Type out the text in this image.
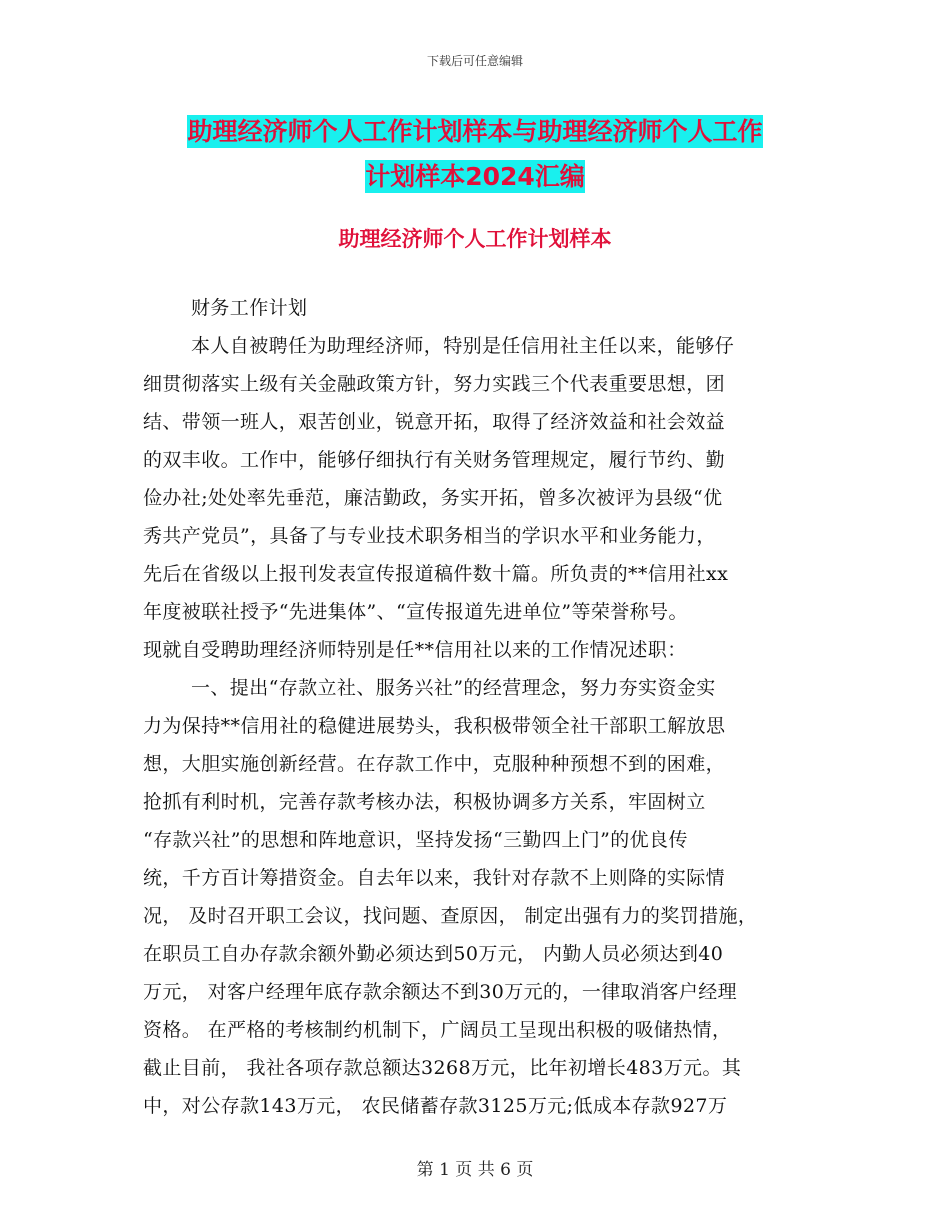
下载后可任意编辑
助理经济师个人工作计划样本与助理经济师个人工作
计划样本2024汇编
助理经济师个人工作计划样本
财务工作计划
本人自被聘任为助理经济师，特别是任信用社主任以来，能够仔
细贯彻落实上级有关金融政策方针，努力实践三个代表重要思想，团
结、带领一班人，艰苦创业，锐意开拓，取得了经济效益和社会效益
的双丰收。工作中，能够仔细执行有关财务管理规定，履行节约、勤
俭办社;处处率先垂范，廉洁勤政，务实开拓，曾多次被评为县级“优
秀共产党员”，具备了与专业技术职务相当的学识水平和业务能力，
先后在省级以上报刊发表宣传报道稿件数十篇。所负责的**信用社xx
年度被联社授予“先进集体”、“宣传报道先进单位”等荣誉称号。
现就自受聘助理经济师特别是任**信用社以来的工作情况述职：
一、提出“存款立社、服务兴社”的经营理念，努力夯实资金实
力为保持**信用社的稳健进展势头，我积极带领全社干部职工解放思
想，大胆实施创新经营。在存款工作中，克服种种预想不到的困难，
抢抓有利时机，完善存款考核办法，积极协调多方关系，牢固树立
“存款兴社”的思想和阵地意识，坚持发扬“三勤四上门”的优良传
统，千方百计筹措资金。自去年以来，我针对存款不上则降的实际情
况， 及时召开职工会议，找问题、查原因， 制定出强有力的奖罚措施，
在职员工自办存款余额外勤必须达到50万元， 内勤人员必须达到40
万元， 对客户经理年底存款余额达不到30万元的，一律取消客户经理
资格。 在严格的考核制约机制下，广阔员工呈现出积极的吸储热情，
截止目前， 我社各项存款总额达3268万元，比年初增长483万元。其
中，对公存款143万元， 农民储蓄存款3125万元;低成本存款927万
第 1 页 共 6 页
